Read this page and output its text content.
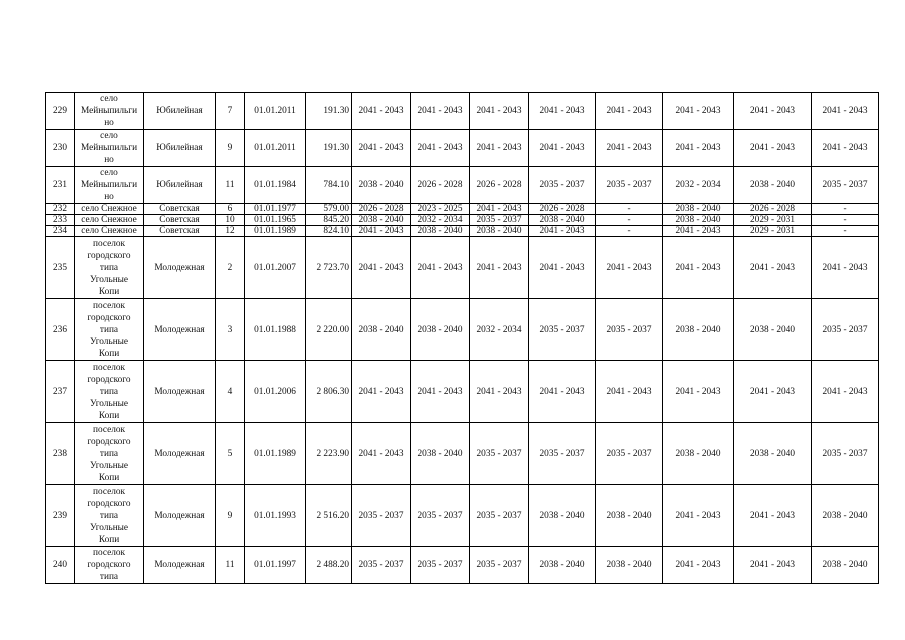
229	село
Мейныпильги
но	Юбилейная	7	01.01.2011	191.30	2041 - 2043	2041 - 2043	2041 - 2043	2041 - 2043	2041 - 2043	2041 - 2043	2041 - 2043	2041 - 2043
230	село
Мейныпильги
но	Юбилейная	9	01.01.2011	191.30	2041 - 2043	2041 - 2043	2041 - 2043	2041 - 2043	2041 - 2043	2041 - 2043	2041 - 2043	2041 - 2043
231	село
Мейныпильги
но	Юбилейная	11	01.01.1984	784.10	2038 - 2040	2026 - 2028	2026 - 2028	2035 - 2037	2035 - 2037	2032 - 2034	2038 - 2040	2035 - 2037
232	село Снежное	Советская	6	01.01.1977	579.00	2026 - 2028	2023 - 2025	2041 - 2043	2026 - 2028	-	2038 - 2040	2026 - 2028	-
233	село Снежное	Советская	10	01.01.1965	845.20	2038 - 2040	2032 - 2034	2035 - 2037	2038 - 2040	-	2038 - 2040	2029 - 2031	-
234	село Снежное	Советская	12	01.01.1989	824.10	2041 - 2043	2038 - 2040	2038 - 2040	2041 - 2043	-	2041 - 2043	2029 - 2031	-
235	поселок
городского
типа
Угольные
Копи	Молодежная	2	01.01.2007	2 723.70	2041 - 2043	2041 - 2043	2041 - 2043	2041 - 2043	2041 - 2043	2041 - 2043	2041 - 2043	2041 - 2043
236	поселок
городского
типа
Угольные
Копи	Молодежная	3	01.01.1988	2 220.00	2038 - 2040	2038 - 2040	2032 - 2034	2035 - 2037	2035 - 2037	2038 - 2040	2038 - 2040	2035 - 2037
237	поселок
городского
типа
Угольные
Копи	Молодежная	4	01.01.2006	2 806.30	2041 - 2043	2041 - 2043	2041 - 2043	2041 - 2043	2041 - 2043	2041 - 2043	2041 - 2043	2041 - 2043
238	поселок
городского
типа
Угольные
Копи	Молодежная	5	01.01.1989	2 223.90	2041 - 2043	2038 - 2040	2035 - 2037	2035 - 2037	2035 - 2037	2038 - 2040	2038 - 2040	2035 - 2037
239	поселок
городского
типа
Угольные
Копи	Молодежная	9	01.01.1993	2 516.20	2035 - 2037	2035 - 2037	2035 - 2037	2038 - 2040	2038 - 2040	2041 - 2043	2041 - 2043	2038 - 2040
240	поселок
городского
типа	Молодежная	11	01.01.1997	2 488.20	2035 - 2037	2035 - 2037	2035 - 2037	2038 - 2040	2038 - 2040	2041 - 2043	2041 - 2043	2038 - 2040
